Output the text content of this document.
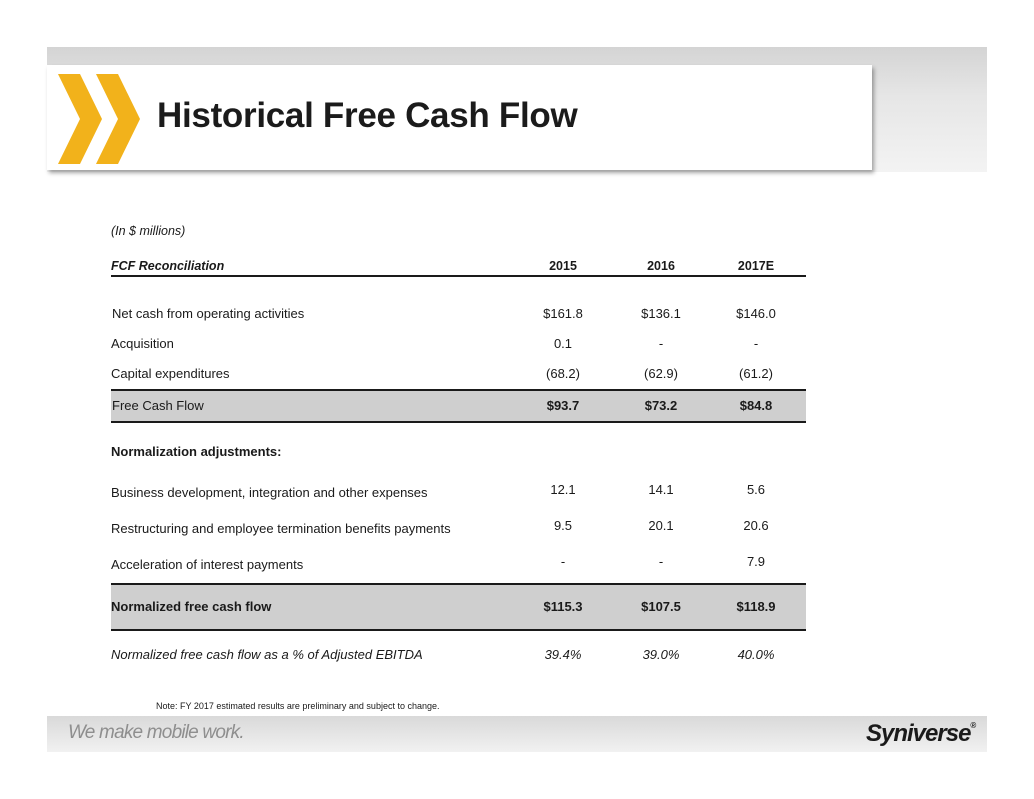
Historical Free Cash Flow
(In $ millions)
FCF Reconciliation	2015	2016	2017E
Net cash from operating activities	$161.8	$136.1	$146.0
Acquisition	0.1	-	-
Capital expenditures	(68.2)	(62.9)	(61.2)
Free Cash Flow	$93.7	$73.2	$84.8
Normalization adjustments:
Business development, integration and other expenses	12.1	14.1	5.6
Restructuring and employee termination benefits payments	9.5	20.1	20.6
Acceleration of interest payments	-	-	7.9
Normalized free cash flow	$115.3	$107.5	$118.9
Normalized free cash flow as a % of Adjusted EBITDA	39.4%	39.0%	40.0%
Note: FY 2017 estimated results are preliminary and subject to change.
We make mobile work.	Syniverse®
